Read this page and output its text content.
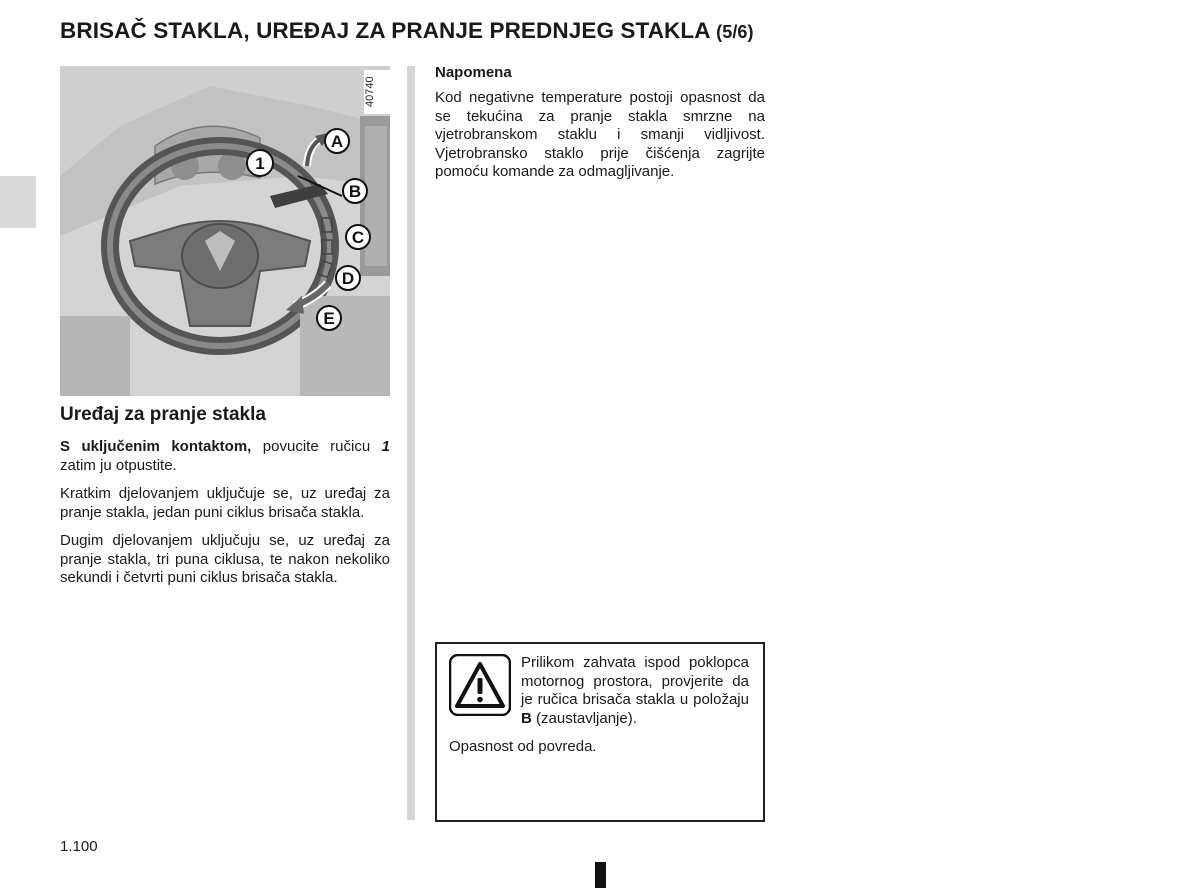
BRISAČ STAKLA, UREĐAJ ZA PRANJE PREDNJEG STAKLA (5/6)
1
A
B
C
D
E
40740
Uređaj za pranje stakla

S uključenim kontaktom, povucite ručicu 1 zatim ju otpustite.

Kratkim djelovanjem uključuje se, uz uređaj za pranje stakla, jedan puni ciklus brisača stakla.

Dugim djelovanjem uključuju se, uz uređaj za pranje stakla, tri puna ciklusa, te nakon nekoliko sekundi i četvrti puni ciklus brisača stakla.

Napomena

Kod negativne temperature postoji opasnost da se tekućina za pranje stakla smrzne na vjetrobranskom staklu i smanji vidljivost. Vjetrobransko staklo prije čišćenja zagrijte pomoću komande za odmagljivanje.

Prilikom zahvata ispod poklopca motornog prostora, provjerite da je ručica brisača stakla u položaju B (zaustavljanje).

Opasnost od povreda.

1.100
